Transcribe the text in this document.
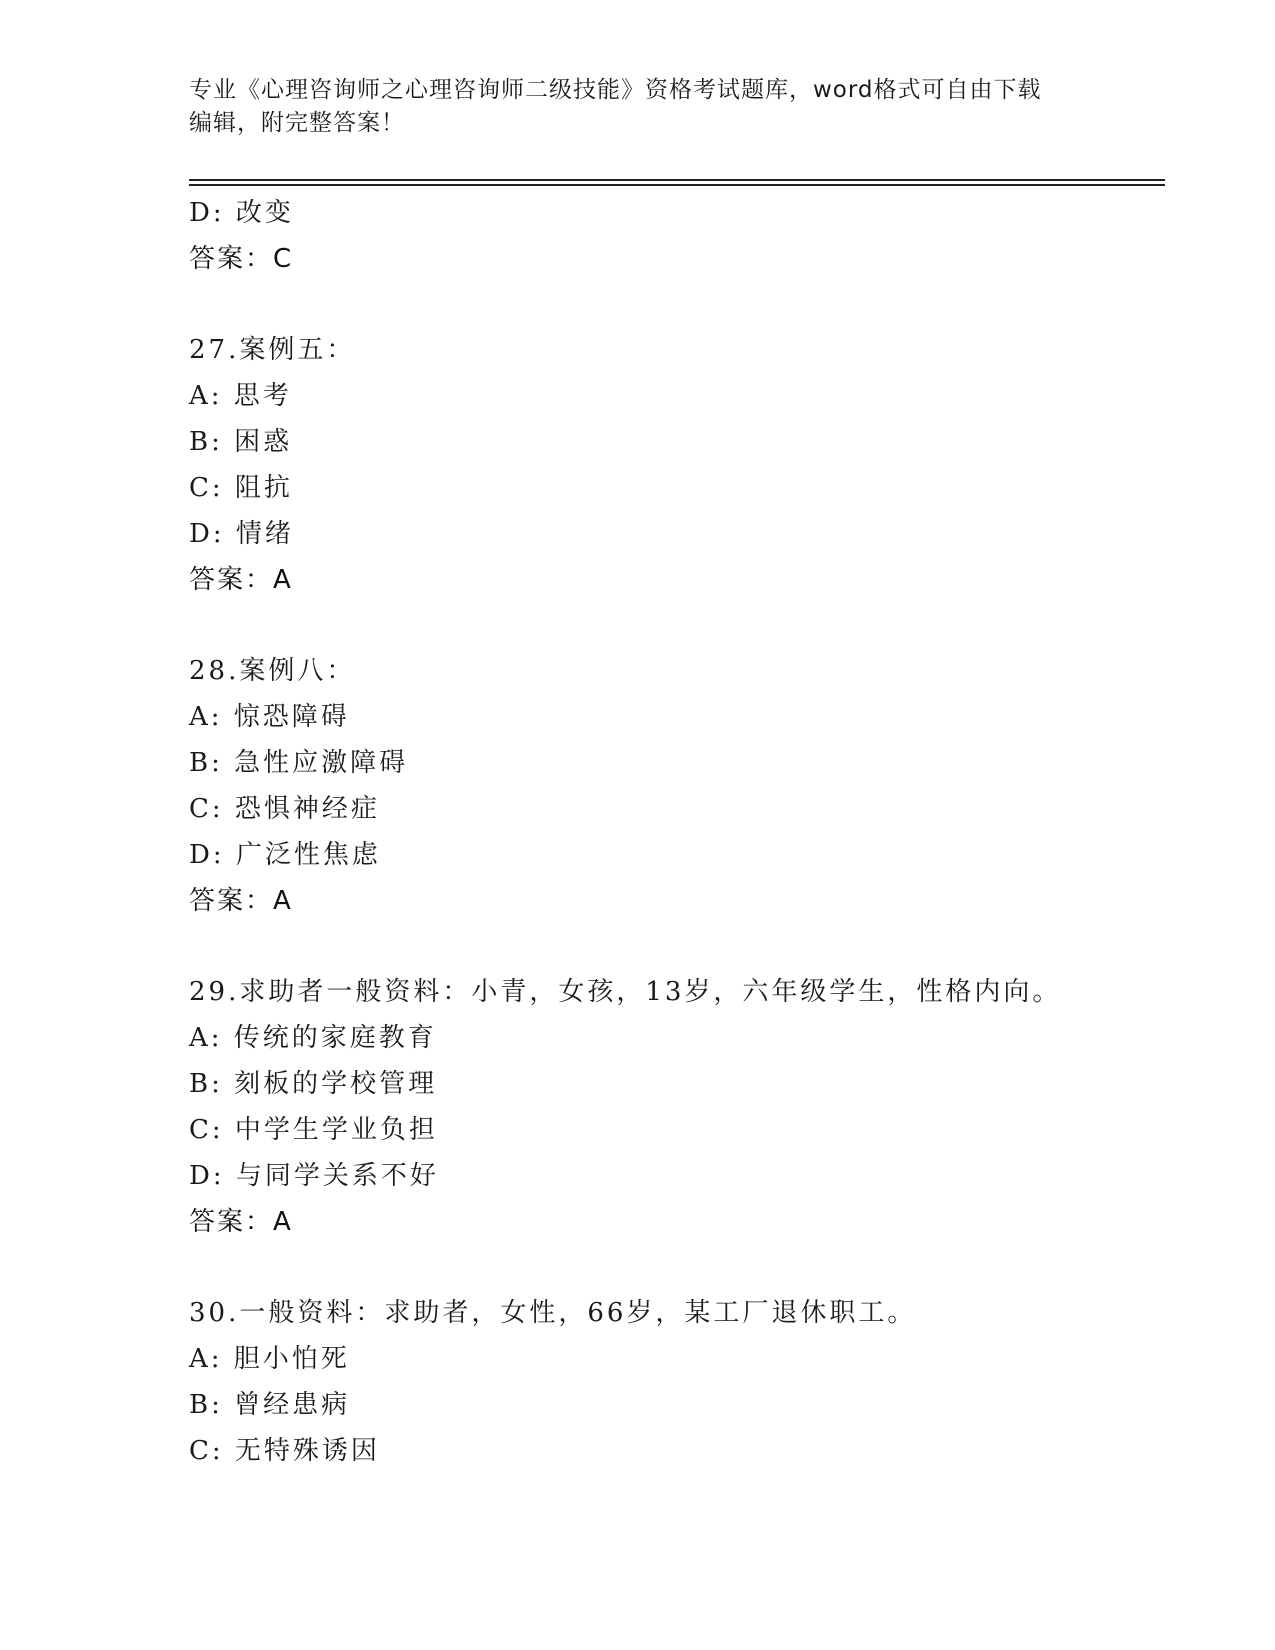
专业《心理咨询师之心理咨询师二级技能》资格考试题库，word格式可自由下载
编辑，附完整答案！
D: 改变
答案：C
27.案例五：
A: 思考
B: 困惑
C: 阻抗
D: 情绪
答案：A
28.案例八：
A: 惊恐障碍
B: 急性应激障碍
C: 恐惧神经症
D: 广泛性焦虑
答案：A
29.求助者一般资料：小青，女孩，13岁，六年级学生，性格内向。
A: 传统的家庭教育
B: 刻板的学校管理
C: 中学生学业负担
D: 与同学关系不好
答案：A
30.一般资料：求助者，女性，66岁，某工厂退休职工。
A: 胆小怕死
B: 曾经患病
C: 无特殊诱因
